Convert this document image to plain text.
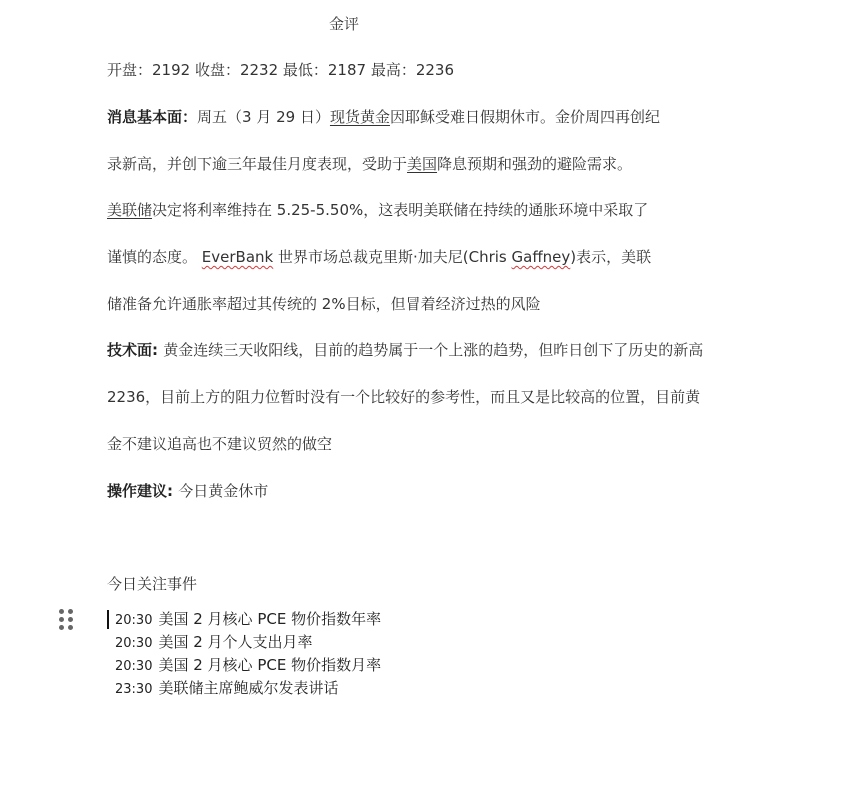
金评
开盘：2192 收盘：2232 最低：2187 最高：2236
消息基本面：周五（3 月 29 日）现货黄金因耶稣受难日假期休市。金价周四再创纪
录新高，并创下逾三年最佳月度表现，受助于美国降息预期和强劲的避险需求。
美联储决定将利率维持在 5.25-5.50%，这表明美联储在持续的通胀环境中采取了
谨慎的态度。 EverBank 世界市场总裁克里斯·加夫尼(Chris Gaffney)表示，美联
储准备允许通胀率超过其传统的 2%目标，但冒着经济过热的风险
技术面: 黄金连续三天收阳线，目前的趋势属于一个上涨的趋势，但昨日创下了历史的新高
2236，目前上方的阻力位暂时没有一个比较好的参考性，而且又是比较高的位置，目前黄
金不建议追高也不建议贸然的做空
操作建议: 今日黄金休市
今日关注事件
20:30 美国 2 月核心 PCE 物价指数年率
20:30 美国 2 月个人支出月率
20:30 美国 2 月核心 PCE 物价指数月率
23:30 美联储主席鲍威尔发表讲话
